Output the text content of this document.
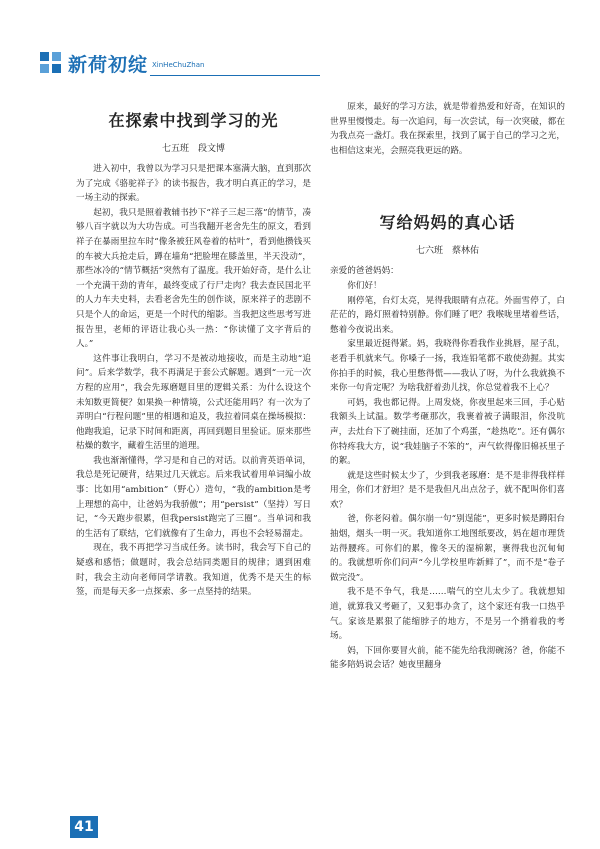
新荷初绽 XinHeChuZhan
在探索中找到学习的光
七五班　段文博

进入初中，我曾以为学习只是把课本塞满大脑，直到那次为了完成《骆驼祥子》的读书报告，我才明白真正的学习，是一场主动的探索。

起初，我只是照着教辅书抄下“祥子三起三落”的情节，凑够八百字就以为大功告成。可当我翻开老舍先生的原文，看到祥子在暴雨里拉车时“像条被狂风卷着的枯叶”，看到他攒钱买的车被大兵抢走后，蹲在墙角“把脸埋在膝盖里，半天没动”，那些冰冷的“情节概括”突然有了温度。我开始好奇，是什么让一个充满干劲的青年，最终变成了行尸走肉？我去查民国北平的人力车夫史料，去看老舍先生的创作谈，原来祥子的悲剧不只是个人的命运，更是一个时代的缩影。当我把这些思考写进报告里，老师的评语让我心头一热：“你读懂了文字背后的人。”

这件事让我明白，学习不是被动地接收，而是主动地“追问”。后来学数学，我不再满足于套公式解题。遇到“一元一次方程的应用”，我会先琢磨题目里的逻辑关系：为什么设这个未知数更简便？如果换一种情境，公式还能用吗？有一次为了弄明白“行程问题”里的相遇和追及，我拉着同桌在操场模拟：他跑我追，记录下时间和距离，再回到题目里验证。原来那些枯燥的数字，藏着生活里的道理。

我也渐渐懂得，学习是和自己的对话。以前背英语单词，我总是死记硬背，结果过几天就忘。后来我试着用单词编小故事：比如用“ambition”（野心）造句，“我的ambition是考上理想的高中，让爸妈为我骄傲”；用“persist”（坚持）写日记，“今天跑步很累，但我persist跑完了三圈”。当单词和我的生活有了联结，它们就像有了生命力，再也不会轻易溜走。

现在，我不再把学习当成任务。读书时，我会写下自己的疑惑和感悟；做题时，我会总结同类题目的规律；遇到困难时，我会主动向老师同学请教。我知道，优秀不是天生的标签，而是每天多一点探索、多一点坚持的结果。

原来，最好的学习方法，就是带着热爱和好奇，在知识的世界里慢慢走。每一次追问，每一次尝试，每一次突破，都在为我点亮一盏灯。我在探索里，找到了属于自己的学习之光，也相信这束光，会照亮我更远的路。

写给妈妈的真心话
七六班　蔡林佑

亲爱的爸爸妈妈：

你们好！

刚停笔，台灯太亮，晃得我眼睛有点花。外面雪停了，白茫茫的，路灯照着特别静。你们睡了吧？我喉咙里堵着些话，憋着今夜说出来。

家里最近挺得紧。妈，我晓得你看我作业挑唇，屋子乱，老看手机就来气。你嗓子一扬，我连铅笔都不敢使劲握。其实你拍手的时候，我心里憋得慌——我认了呀，为什么我就换不来你一句肯定呢？为啥我舒着劲儿找，你总觉着我不上心？

可妈，我也都记得。上周发烧，你夜里起来三回，手心贴我额头上试温。数学考砸那次，我裹着被子满眼泪，你没吭声，去灶台下了碗挂面，还加了个鸡蛋，“趁热吃”。还有偶尔你特疼我大方，说“我娃脑子不笨的”，声气软得像旧棉袄里子的絮。

就是这些时候太少了，少到我老琢磨：是不是非得我样样用全，你们才舒坦？是不是我但凡出点岔子，就不配叫你们喜欢？

爸，你老闷着。偶尔崩一句“别逞能”，更多时候是蹲阳台抽烟，烟头一明一灭。我知道你工地图纸要改，妈在超市理货站得腰疼。可你们的累，像冬天的湿棉絮，裹得我也沉甸甸的。我就想听你们问声“今儿学校里咋新鲜了”，而不是“卷子做完没”。

我不是不争气，我是……喘气的空儿太少了。我就想知道，就算我又考砸了，又犯事办贪了，这个家还有我一口热乎气。家该是累狠了能缩脖子的地方，不是另一个揹着我的考场。

妈，下回你要冒火前，能不能先给我沏碗汤？爸，你能不能多陪妈说会话？她夜里翻身

41
